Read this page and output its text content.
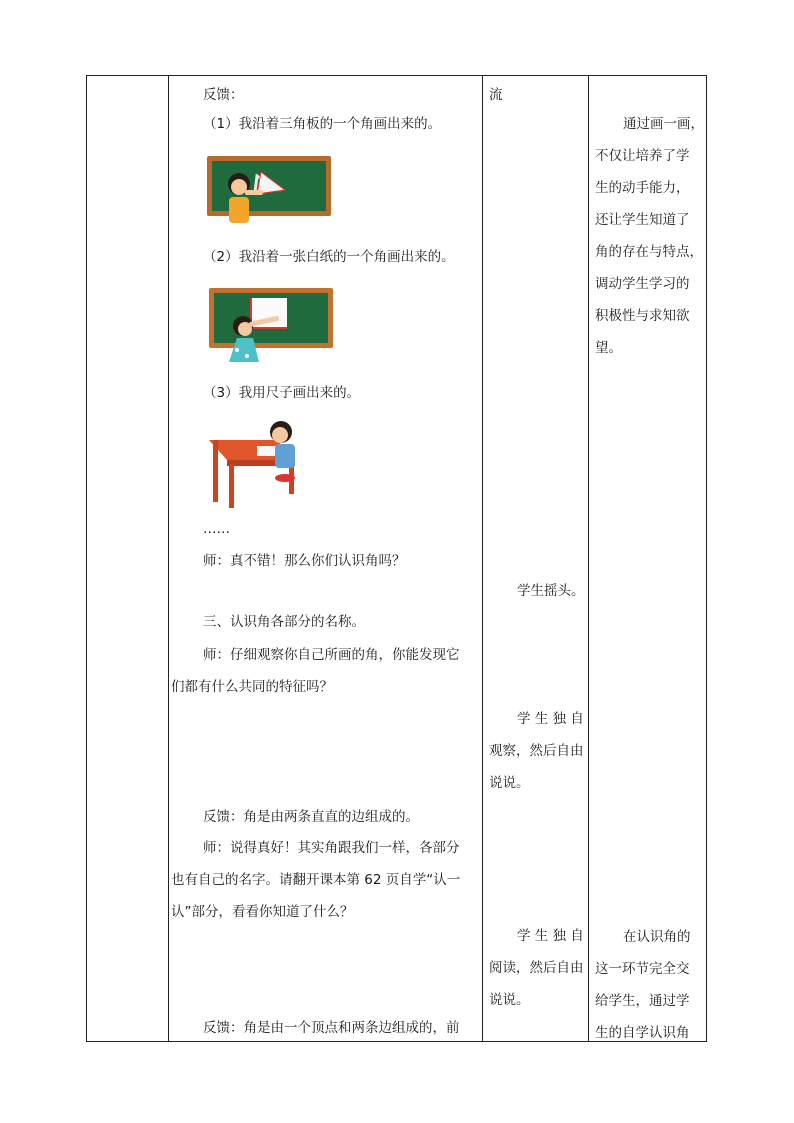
反馈：
（1）我沿着三角板的一个角画出来的。
（2）我沿着一张白纸的一个角画出来的。
（3）我用尺子画出来的。
……
师：真不错！那么你们认识角吗？
三、认识角各部分的名称。
师：仔细观察你自己所画的角，你能发现它
们都有什么共同的特征吗？
反馈：角是由两条直直的边组成的。
师：说得真好！其实角跟我们一样，各部分
也有自己的名字。请翻开课本第 62 页自学“认一
认”部分，看看你知道了什么？
反馈：角是由一个顶点和两条边组成的，前
流
学生摇头。
学 生 独 自
观察，然后自由
说说。
学 生 独 自
阅读，然后自由
说说。
通过画一画，
不仅让培养了学
生的动手能力，
还让学生知道了
角的存在与特点，
调动学生学习的
积极性与求知欲
望。
在认识角的
这一环节完全交
给学生，通过学
生的自学认识角
